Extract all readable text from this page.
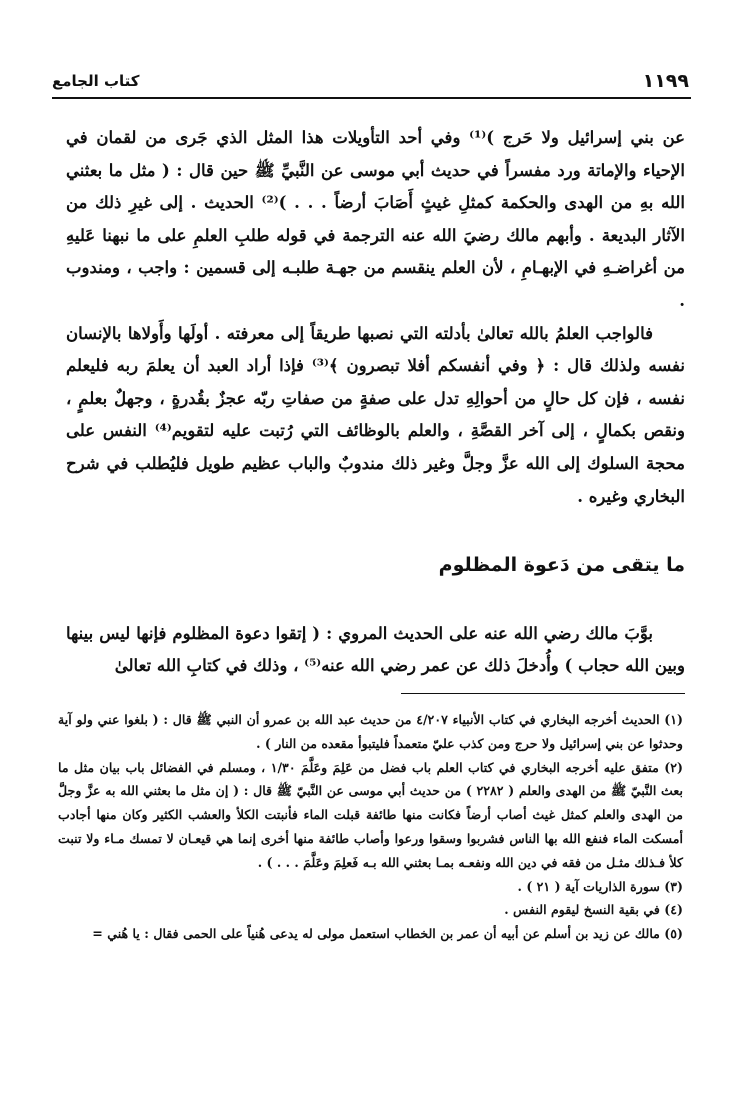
١١٩٩
كتاب الجامع

عن بني إسرائيل ولا حَرج )⁽¹⁾ وفي أحد التأويلات هذا المثل الذي جَرى من لقمان في الإحياء والإماتة ورد مفسراً في حديث أبي موسى عن النَّبيِّ ﷺ حين قال : ( مثل ما بعثني الله بهِ من الهدى والحكمة كمثلِ غيثٍ أَصَابَ أرضاً . . . )⁽²⁾ الحديث . إلى غيرِ ذلك من الآثار البديعة . وأبهم مالك رضيَ الله عنه الترجمة في قوله طلبِ العلمِ على ما نبهنا عَليهِ من أغراضـهِ في الإبهـامِ ، لأن العلم ينقسم من جهـة طلبـه إلى قسمين : واجب ، ومندوب .

فالواجب العلمُ بالله تعالىٰ بأدلته التي نصبها طريقاً إلى معرفته . أولَها وأَولاها بالإنسان نفسه ولذلك قال : ﴿ وفي أنفسكم أفلا تبصرون ﴾⁽³⁾ فإذا أراد العبد أن يعلمَ ربه فليعلم نفسه ، فإن كل حالٍ من أحوالِهِ تدل على صفةٍ من صفاتِ ربّه عجزٌ بقُدرةٍ ، وجهلٌ بعلمٍ ، ونقص بكمالٍ ، إلى آخر القصَّةِ ، والعلم بالوظائف التي رُتبت عليه لتقويم⁽⁴⁾ النفس على محجة السلوك إلى الله عزَّ وجلَّ وغير ذلك مندوبٌ والباب عظيم طويل فليُطلب في شرح البخاري وغيره .

ما يتقى من دَعوة المظلوم

بوَّبَ مالك رضي الله عنه على الحديث المروي : ( إتقوا دعوة المظلوم فإنها ليس بينها وبين الله حجاب ) وأُدخلَ ذلك عن عمر رضي الله عنه⁽⁵⁾ ، وذلك في كتابِ الله تعالىٰ

(١) الحديث أخرجه البخاري في كتاب الأنبياء ٤/٢٠٧ من حديث عبد الله بن عمرو أن النبي ﷺ قال : ( بلغوا عني ولو آية وحدثوا عن بني إسرائيل ولا حرج ومن كذب عليّ متعمداً فليتبوأ مقعده من النار ) .

(٢) متفق عليه أخرجه البخاري في كتاب العلم باب فضل من عَلِمَ وعَلَّمَ ١/٣٠ ، ومسلم في الفضائل باب بيان مثل ما بعث النَّبيّ ﷺ من الهدى والعلم ( ٢٢٨٢ ) من حديث أبي موسى عن النَّبيّ ﷺ قال : ( إن مثل ما بعثني الله به عزَّ وجلَّ من الهدى والعلم كمثل غيث أصاب أرضاً فكانت منها طائفة قبلت الماء فأنبتت الكلأ والعشب الكثير وكان منها أجادب أمسكت الماء فنفع الله بها الناس فشربوا وسقوا ورعوا وأصاب طائفة منها أخرى إنما هي قيعـان لا تمسك مـاء ولا تنبت كلأ فـذلك مثـل من فقه في دين الله ونفعـه بمـا بعثني الله بـه فَعلِمَ وعَلَّمَ . . . ) .

(٣) سورة الذاريات آية ( ٢١ ) .

(٤) في بقية النسخ ليقوم النفس .

(٥) مالك عن زيد بن أسلم عن أبيه أن عمر بن الخطاب استعمل مولى له يدعى هُنياً على الحمى فقال : يا هُني =
